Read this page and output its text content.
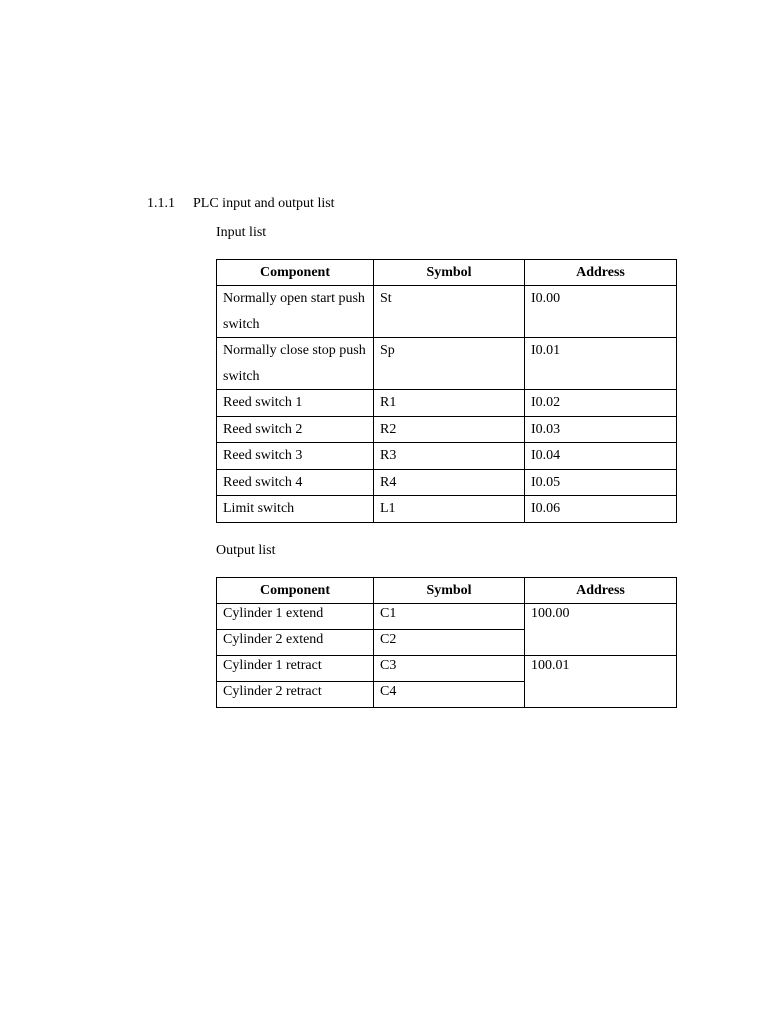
1.1.1 PLC input and output list
Input list
Component	Symbol	Address
Normally open start push switch	St	I0.00
Normally close stop push switch	Sp	I0.01
Reed switch 1	R1	I0.02
Reed switch 2	R2	I0.03
Reed switch 3	R3	I0.04
Reed switch 4	R4	I0.05
Limit switch	L1	I0.06
Output list
Component	Symbol	Address
Cylinder 1 extend	C1	100.00
Cylinder 2 extend	C2	
Cylinder 1 retract	C3	100.01
Cylinder 2 retract	C4	
